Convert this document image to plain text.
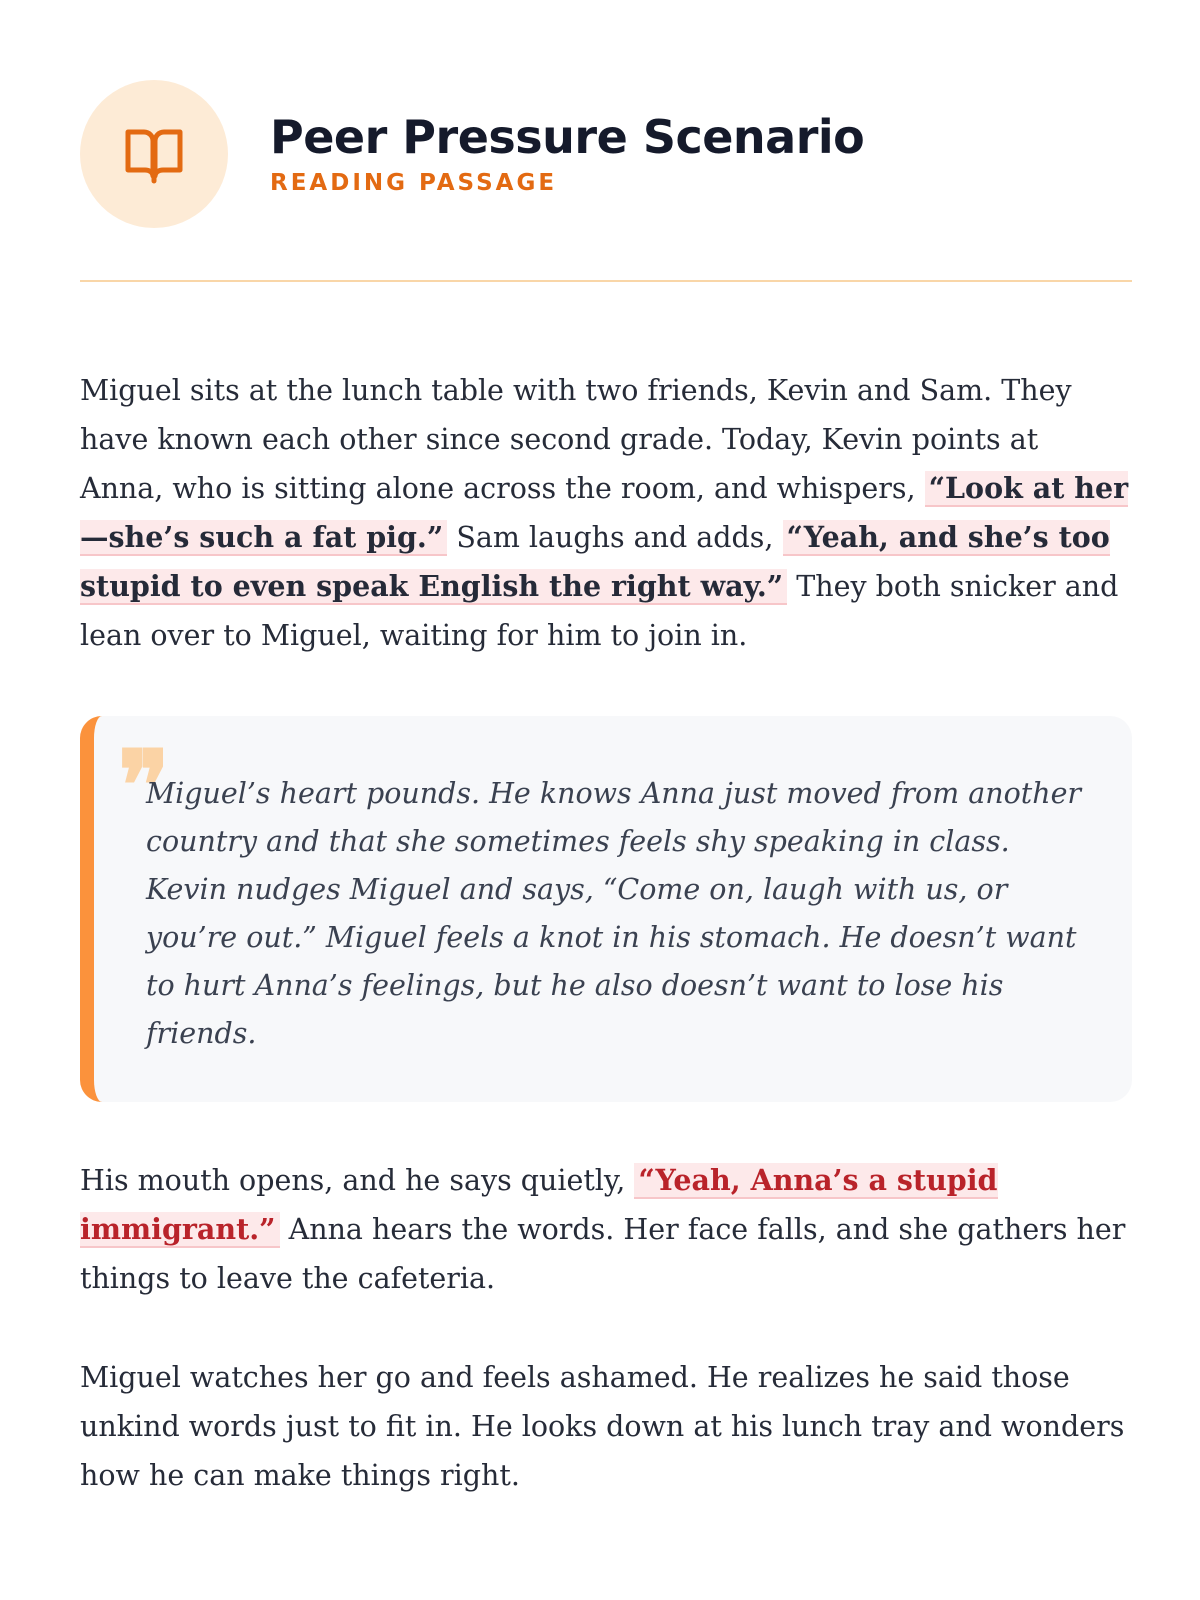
Peer Pressure Scenario
READING PASSAGE

Miguel sits at the lunch table with two friends, Kevin and Sam. They have known each other since second grade. Today, Kevin points at Anna, who is sitting alone across the room, and whispers, “Look at her—she’s such a fat pig.” Sam laughs and adds, “Yeah, and she’s too stupid to even speak English the right way.” They both snicker and lean over to Miguel, waiting for him to join in.

❞

Miguel’s heart pounds. He knows Anna just moved from another country and that she sometimes feels shy speaking in class. Kevin nudges Miguel and says, “Come on, laugh with us, or you’re out.” Miguel feels a knot in his stomach. He doesn’t want to hurt Anna’s feelings, but he also doesn’t want to lose his friends.

His mouth opens, and he says quietly, “Yeah, Anna’s a stupid immigrant.” Anna hears the words. Her face falls, and she gathers her things to leave the cafeteria.

Miguel watches her go and feels ashamed. He realizes he said those unkind words just to fit in. He looks down at his lunch tray and wonders how he can make things right.
